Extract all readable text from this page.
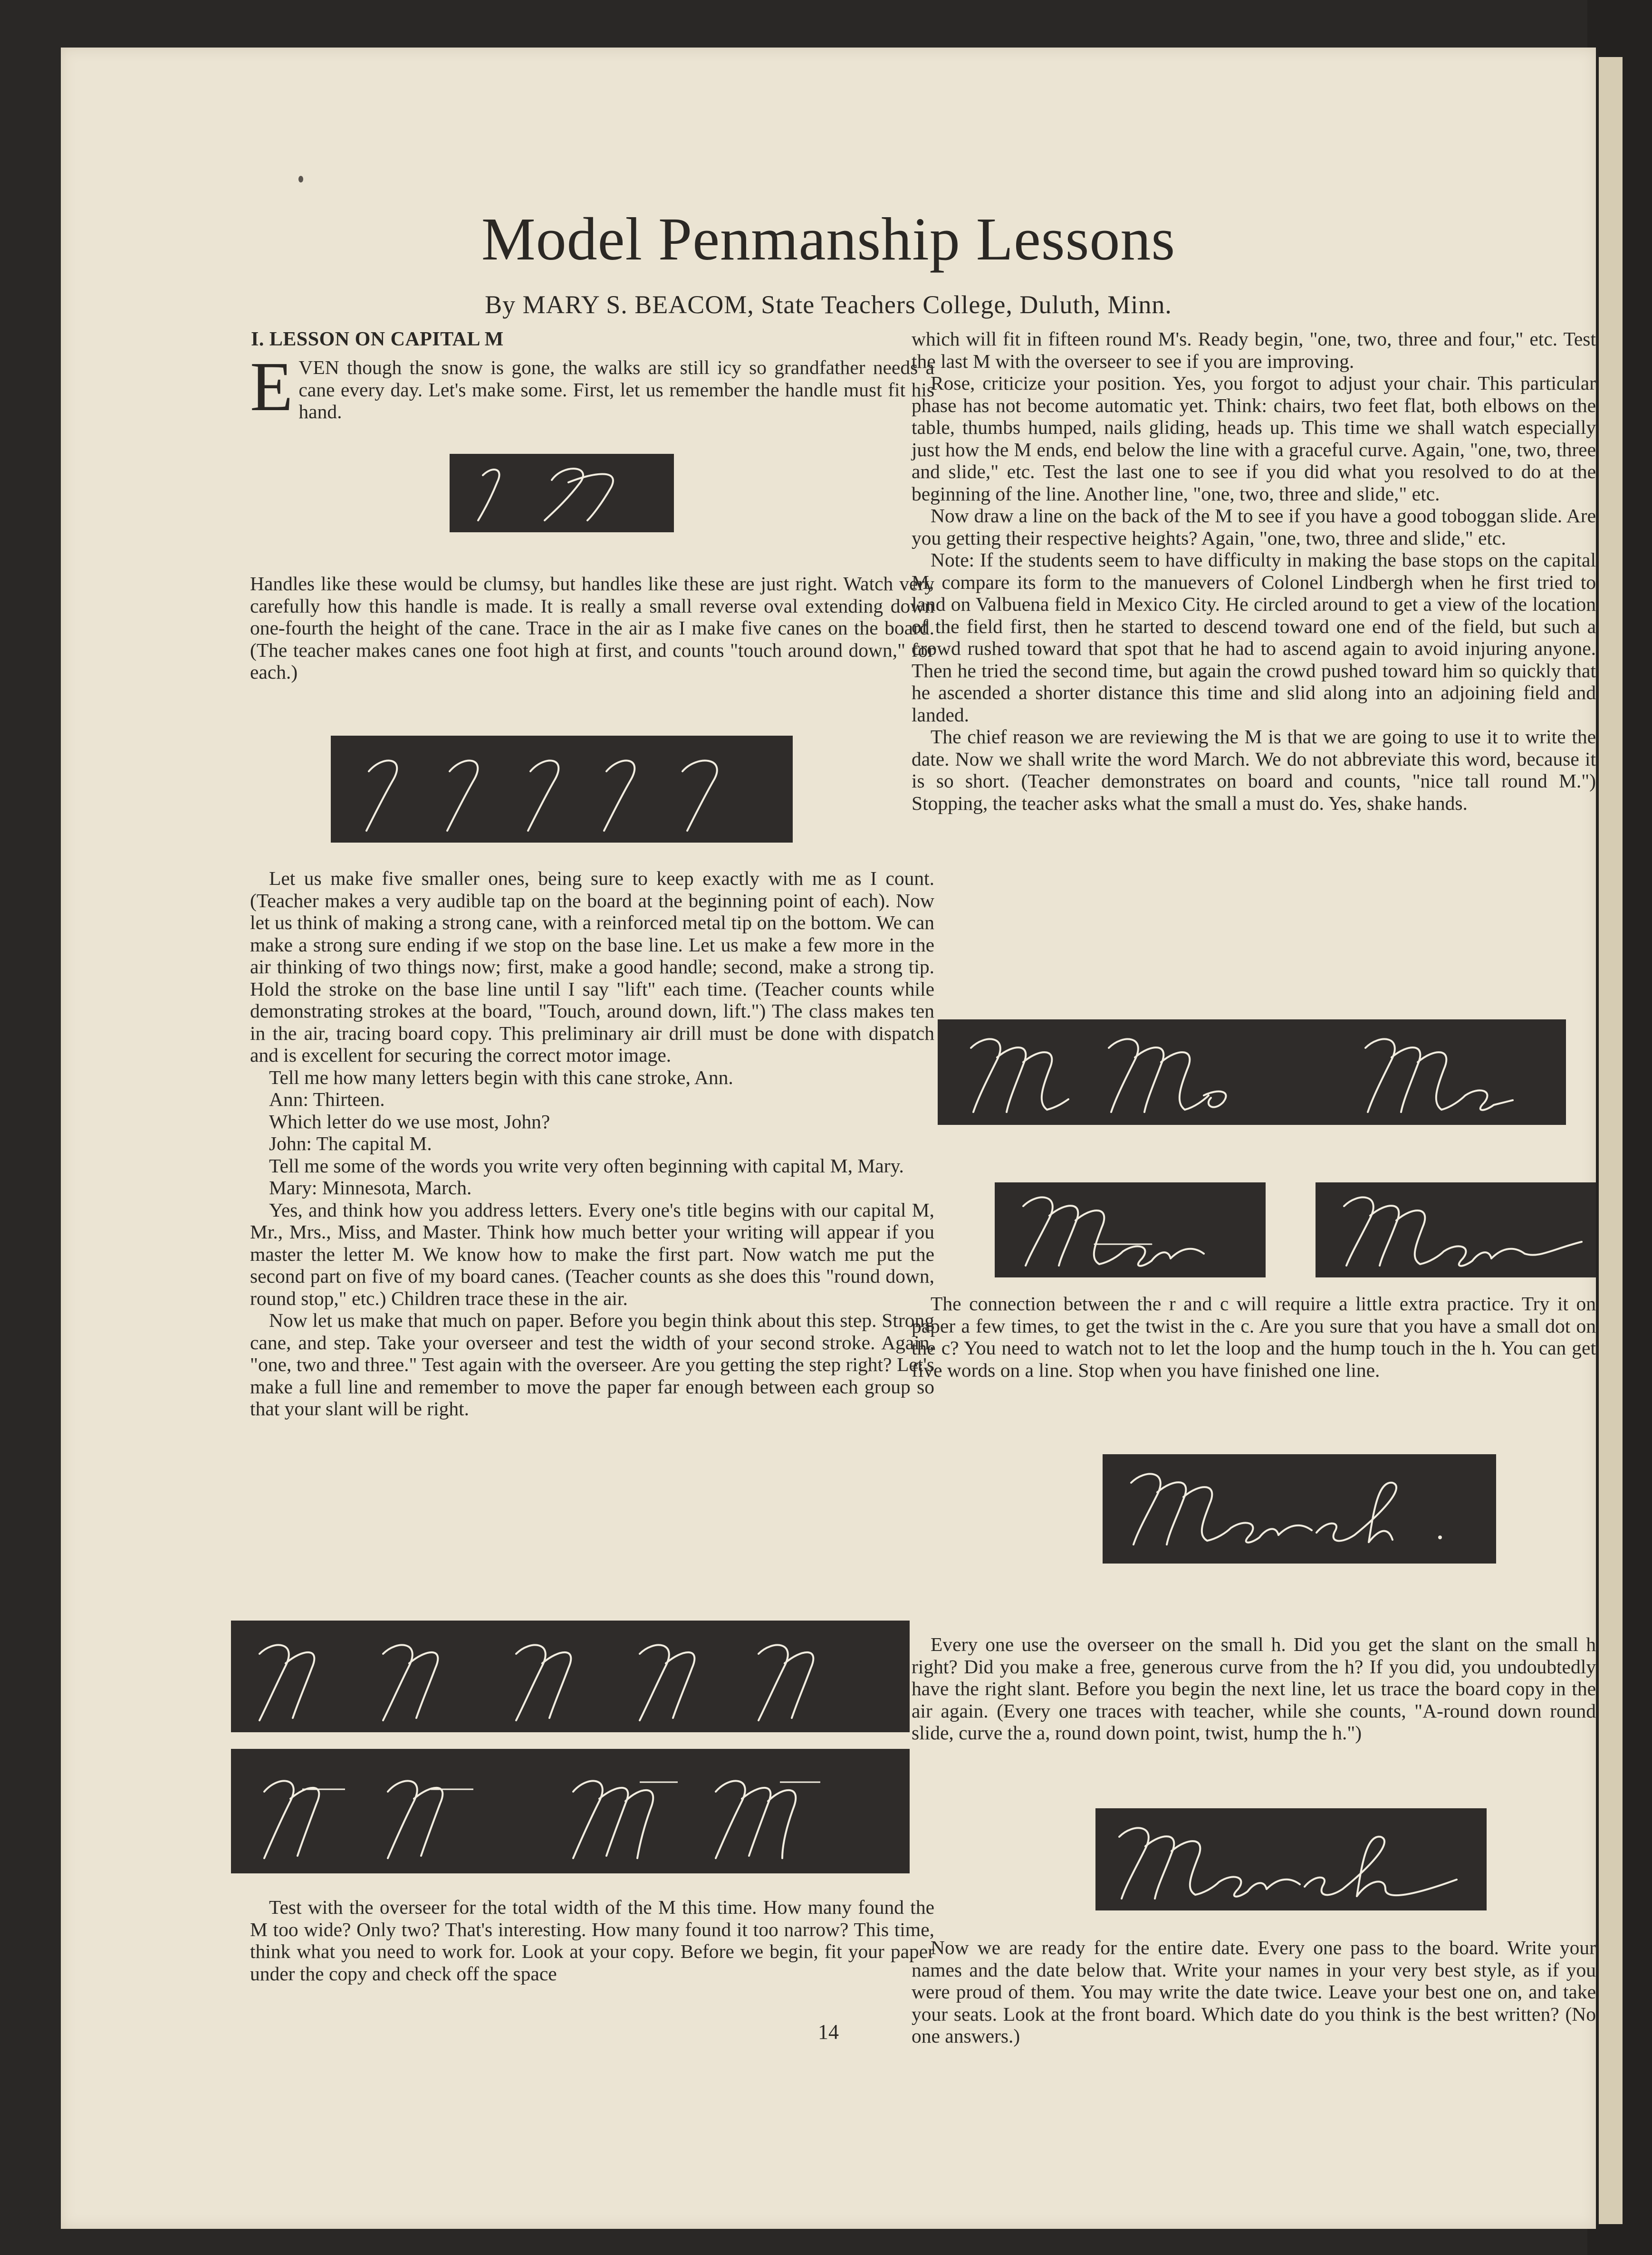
Model Penmanship Lessons
By MARY S. BEACOM, State Teachers College, Duluth, Minn.
I. LESSON ON CAPITAL M

EVEN though the snow is gone, the walks are still icy so grandfather needs a cane every day. Let's make some. First, let us remember the handle must fit his hand.

Handles like these would be clumsy, but handles like these are just right. Watch very carefully how this handle is made. It is really a small reverse oval extending down one-fourth the height of the cane. Trace in the air as I make five canes on the board. (The teacher makes canes one foot high at first, and counts "touch around down," for each.)

Let us make five smaller ones, being sure to keep exactly with me as I count. (Teacher makes a very audible tap on the board at the beginning point of each). Now let us think of making a strong cane, with a reinforced metal tip on the bottom. We can make a strong sure ending if we stop on the base line. Let us make a few more in the air thinking of two things now; first, make a good handle; second, make a strong tip. Hold the stroke on the base line until I say "lift" each time. (Teacher counts while demonstrating strokes at the board, "Touch, around down, lift.") The class makes ten in the air, tracing board copy. This preliminary air drill must be done with dispatch and is excellent for securing the correct motor image.

Tell me how many letters begin with this cane stroke, Ann.

Ann: Thirteen.

Which letter do we use most, John?

John: The capital M.

Tell me some of the words you write very often beginning with capital M, Mary.

Mary: Minnesota, March.

Yes, and think how you address letters. Every one's title begins with our capital M, Mr., Mrs., Miss, and Master. Think how much better your writing will appear if you master the letter M. We know how to make the first part. Now watch me put the second part on five of my board canes. (Teacher counts as she does this "round down, round stop," etc.) Children trace these in the air.

Now let us make that much on paper. Before you begin think about this step. Strong cane, and step. Take your overseer and test the width of your second stroke. Again, "one, two and three." Test again with the overseer. Are you getting the step right? Let's make a full line and remember to move the paper far enough between each group so that your slant will be right.

Test with the overseer for the total width of the M this time. How many found the M too wide? Only two? That's interesting. How many found it too narrow? This time, think what you need to work for. Look at your copy. Before we begin, fit your paper under the copy and check off the space

which will fit in fifteen round M's. Ready begin, "one, two, three and four," etc. Test the last M with the overseer to see if you are improving.

Rose, criticize your position. Yes, you forgot to adjust your chair. This particular phase has not become automatic yet. Think: chairs, two feet flat, both elbows on the table, thumbs humped, nails gliding, heads up. This time we shall watch especially just how the M ends, end below the line with a graceful curve. Again, "one, two, three and slide," etc. Test the last one to see if you did what you resolved to do at the beginning of the line. Another line, "one, two, three and slide," etc.

Now draw a line on the back of the M to see if you have a good toboggan slide. Are you getting their respective heights? Again, "one, two, three and slide," etc.

Note: If the students seem to have difficulty in making the base stops on the capital M, compare its form to the manuevers of Colonel Lindbergh when he first tried to land on Valbuena field in Mexico City. He circled around to get a view of the location of the field first, then he started to descend toward one end of the field, but such a crowd rushed toward that spot that he had to ascend again to avoid injuring anyone. Then he tried the second time, but again the crowd pushed toward him so quickly that he ascended a shorter distance this time and slid along into an adjoining field and landed.

The chief reason we are reviewing the M is that we are going to use it to write the date. Now we shall write the word March. We do not abbreviate this word, because it is so short. (Teacher demonstrates on board and counts, "nice tall round M.") Stopping, the teacher asks what the small a must do. Yes, shake hands.

The connection between the r and c will require a little extra practice. Try it on paper a few times, to get the twist in the c. Are you sure that you have a small dot on the c? You need to watch not to let the loop and the hump touch in the h. You can get five words on a line. Stop when you have finished one line.

Every one use the overseer on the small h. Did you get the slant on the small h right? Did you make a free, generous curve from the h? If you did, you undoubtedly have the right slant. Before you begin the next line, let us trace the board copy in the air again. (Every one traces with teacher, while she counts, "A-round down round slide, curve the a, round down point, twist, hump the h.")

Now we are ready for the entire date. Every one pass to the board. Write your names and the date below that. Write your names in your very best style, as if you were proud of them. You may write the date twice. Leave your best one on, and take your seats. Look at the front board. Which date do you think is the best written? (No one answers.)

14
